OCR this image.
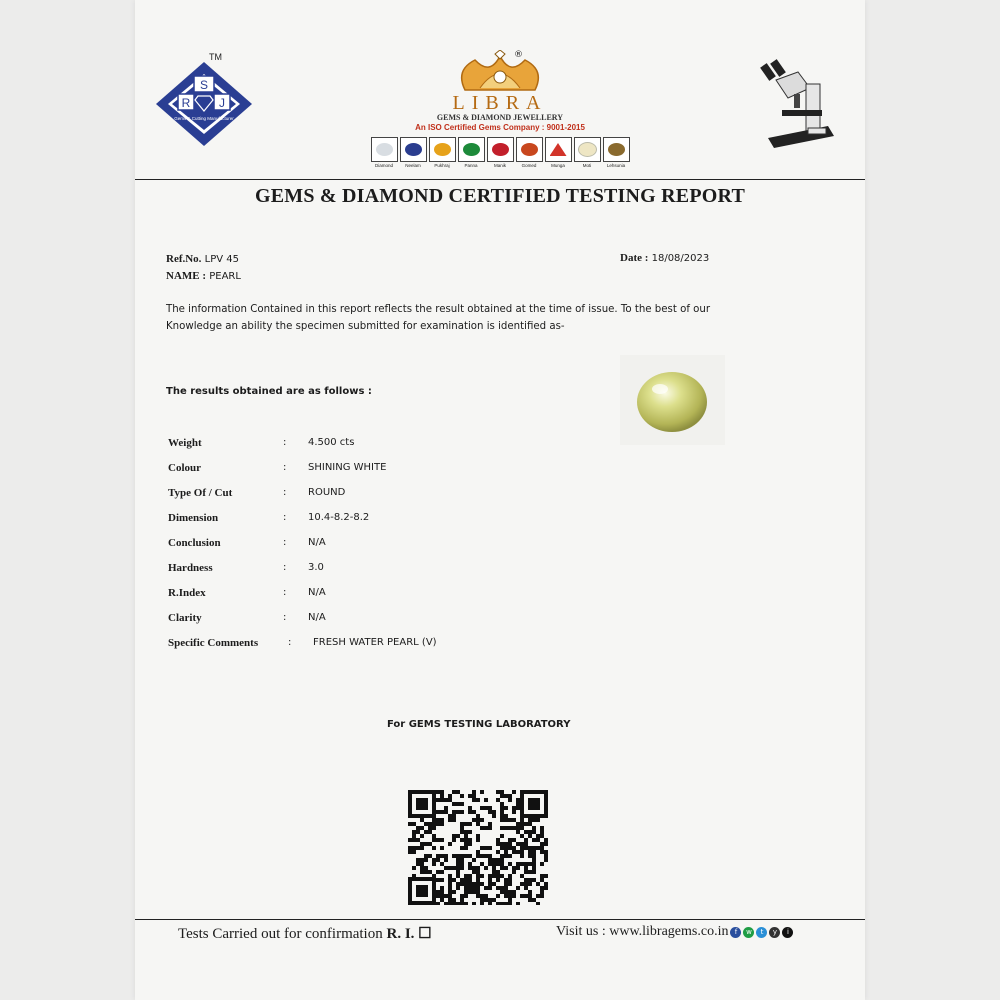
S
R J
Gems & Cutting Manufacturer
TM
LIBRA
GEMS & DIAMOND JEWELLERY
An ISO Certified Gems Company : 9001-2015
Diamond	Neelam	Pukhraj	Panna	Manik	Gomed	Munga	Moti	Lehsunia
®
GEMS & DIAMOND CERTIFIED TESTING REPORT
Ref.No. LPV 45
NAME : PEARL
Date : 18/08/2023
The information Contained in this report reflects the result obtained at the time of issue. To the best of our
Knowledge an ability the specimen submitted for examination is identified as-
The results obtained are as follows :
Weight	:	4.500 cts
Colour	:	SHINING WHITE
Type Of / Cut	:	ROUND
Dimension	:	10.4-8.2-8.2
Conclusion	:	N/A
Hardness	:	3.0
R.Index	:	N/A
Clarity	:	N/A
Specific Comments	:	FRESH WATER PEARL (V)
For GEMS TESTING LABORATORY
Tests Carried out for confirmation R. I. ☐	Visit us : www.libragems.co.in f	w	t	y	i
